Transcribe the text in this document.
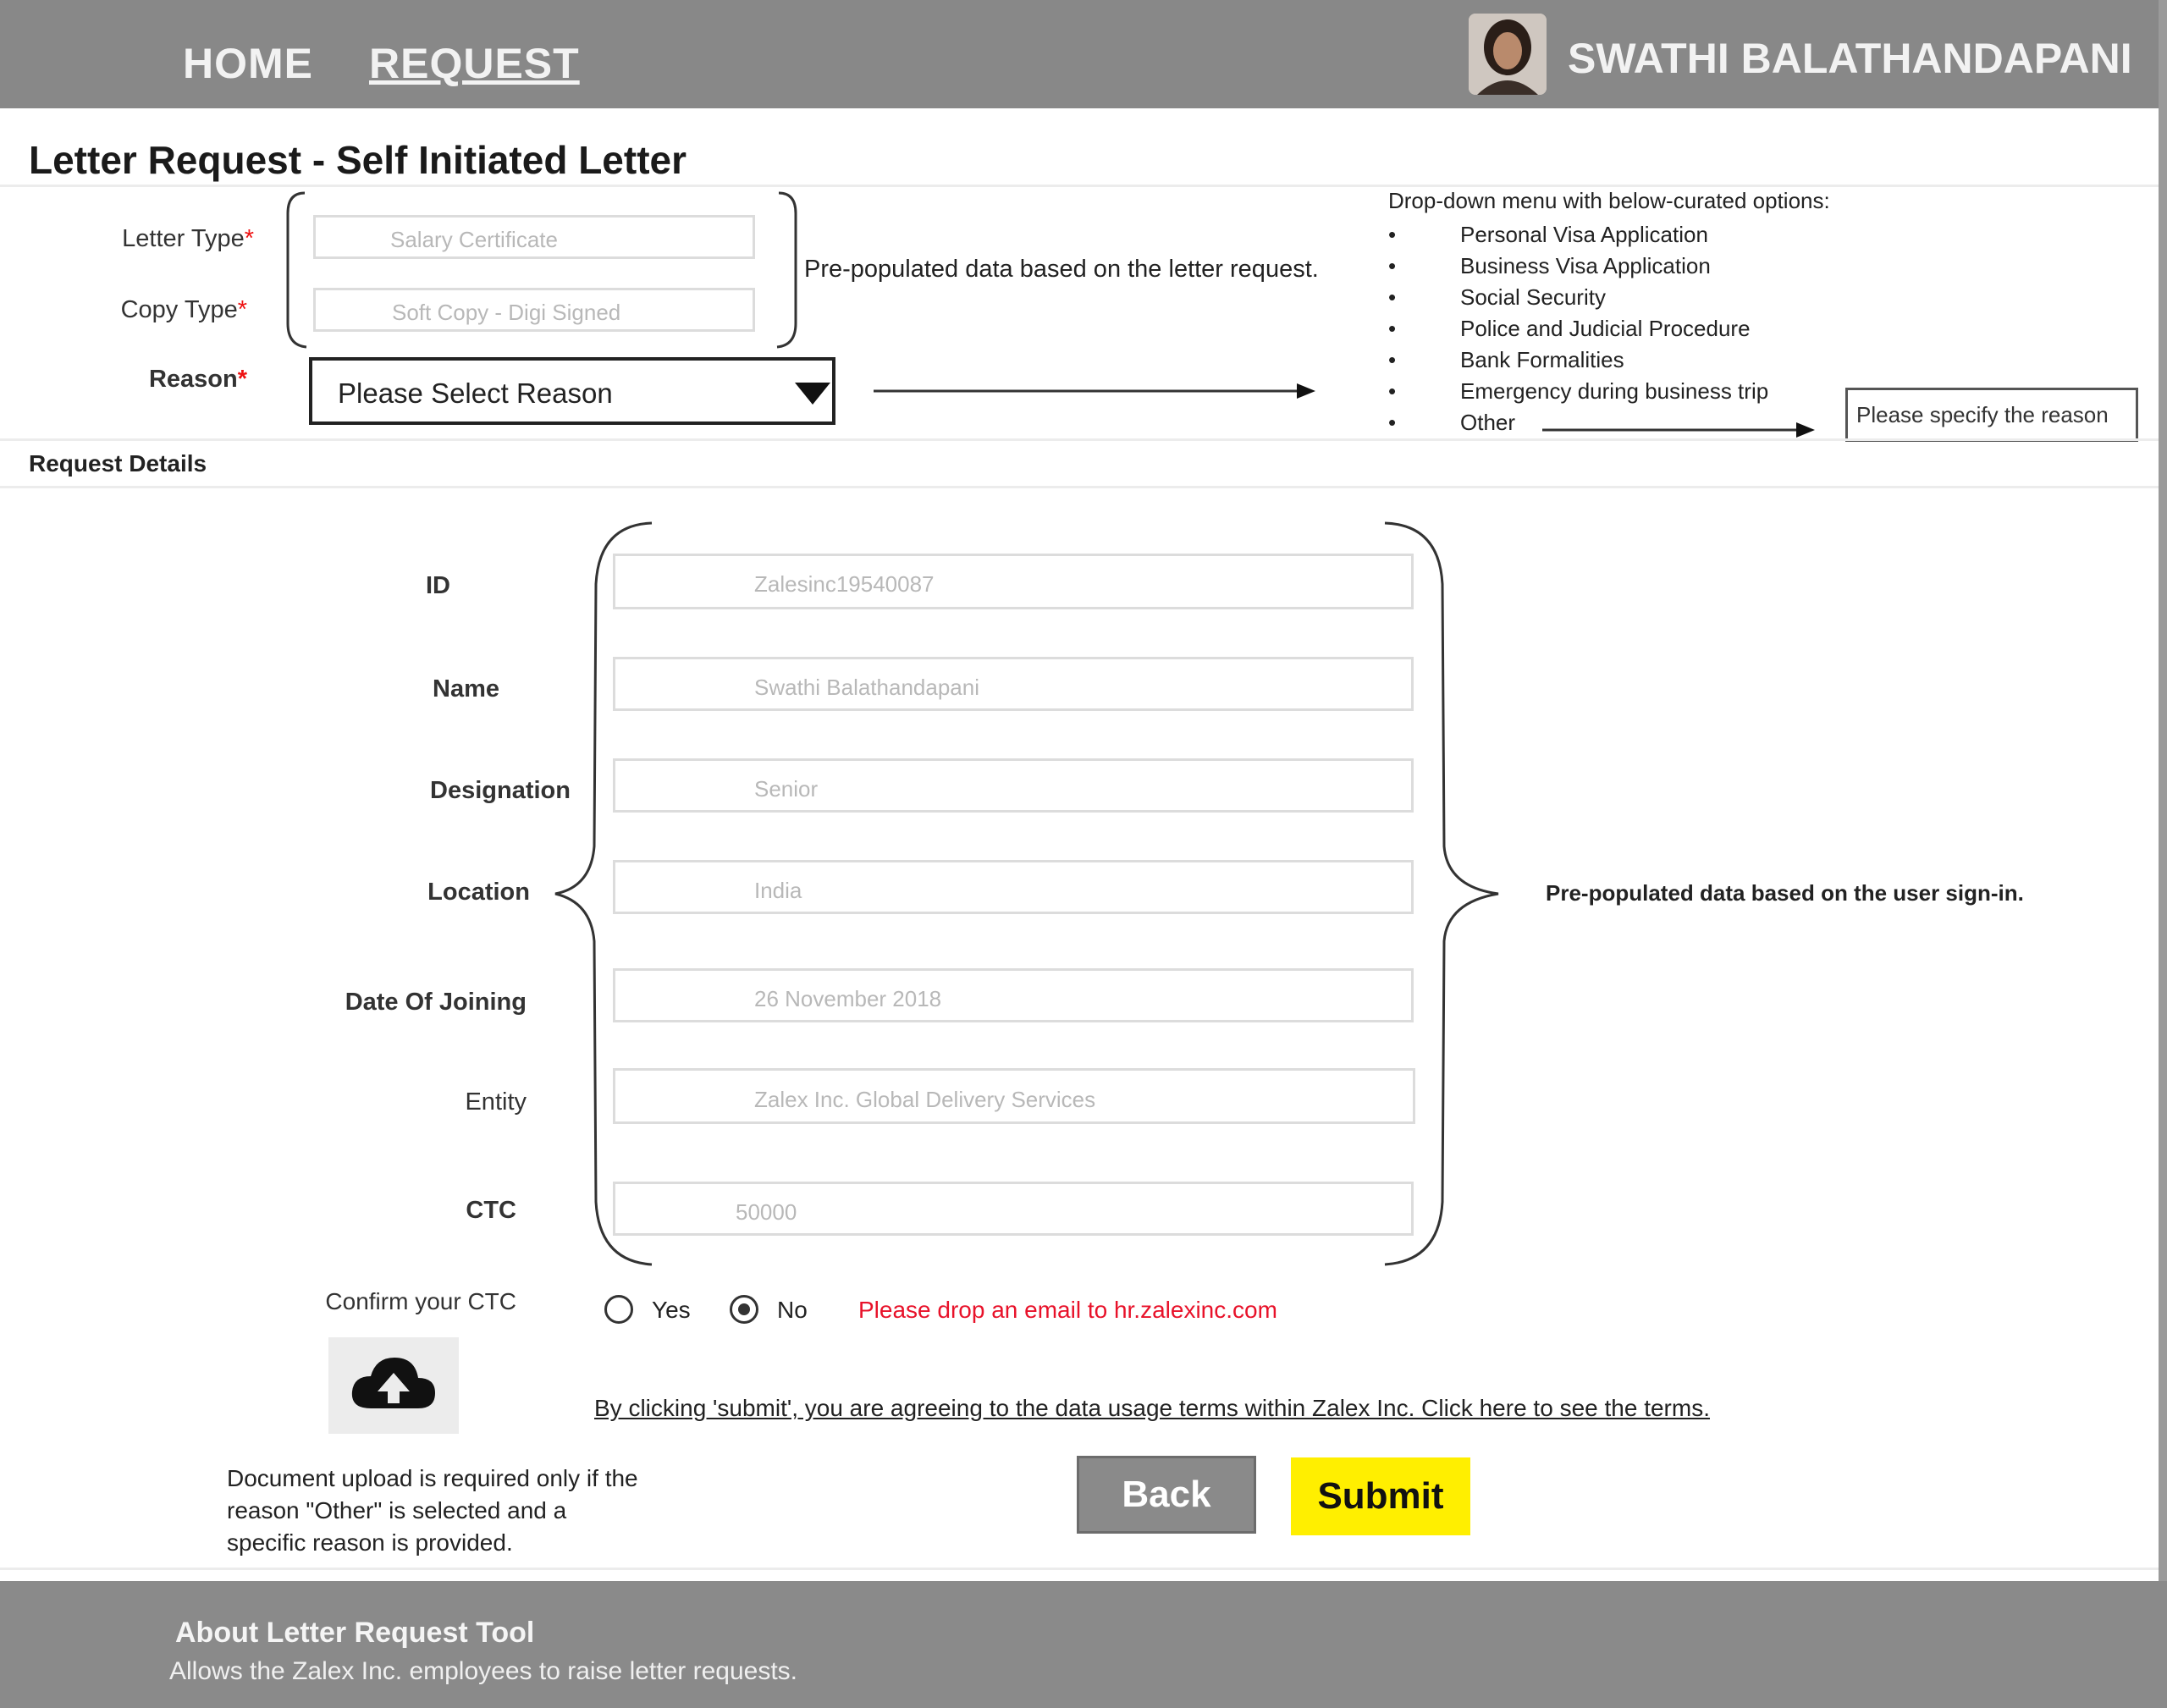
HOME REQUEST	SWATHI BALATHANDAPANI
Letter Request - Self Initiated Letter
Letter Type*	Salary Certificate
Copy Type*	Soft Copy - Digi Signed
Pre-populated data based on the letter request.
Reason*	Please Select Reason
Drop-down menu with below-curated options:
• Personal Visa Application
• Business Visa Application
• Social Security
• Police and Judicial Procedure
• Bank Formalities
• Emergency during business trip
• Other	Please specify the reason
Request Details
ID	Zalesinc19540087
Name	Swathi Balathandapani
Designation	Senior
Location	India
Date Of Joining	26 November 2018
Entity	Zalex Inc. Global Delivery Services
CTC	50000
Pre-populated data based on the user sign-in.
Confirm your CTC	Yes	No Please drop an email to hr.zalexinc.com
By clicking 'submit', you are agreeing to the data usage terms within Zalex Inc. Click here to see the terms.
Document upload is required only if the reason "Other" is selected and a specific reason is provided.
Back	Submit
About Letter Request Tool
Allows the Zalex Inc. employees to raise letter requests.
